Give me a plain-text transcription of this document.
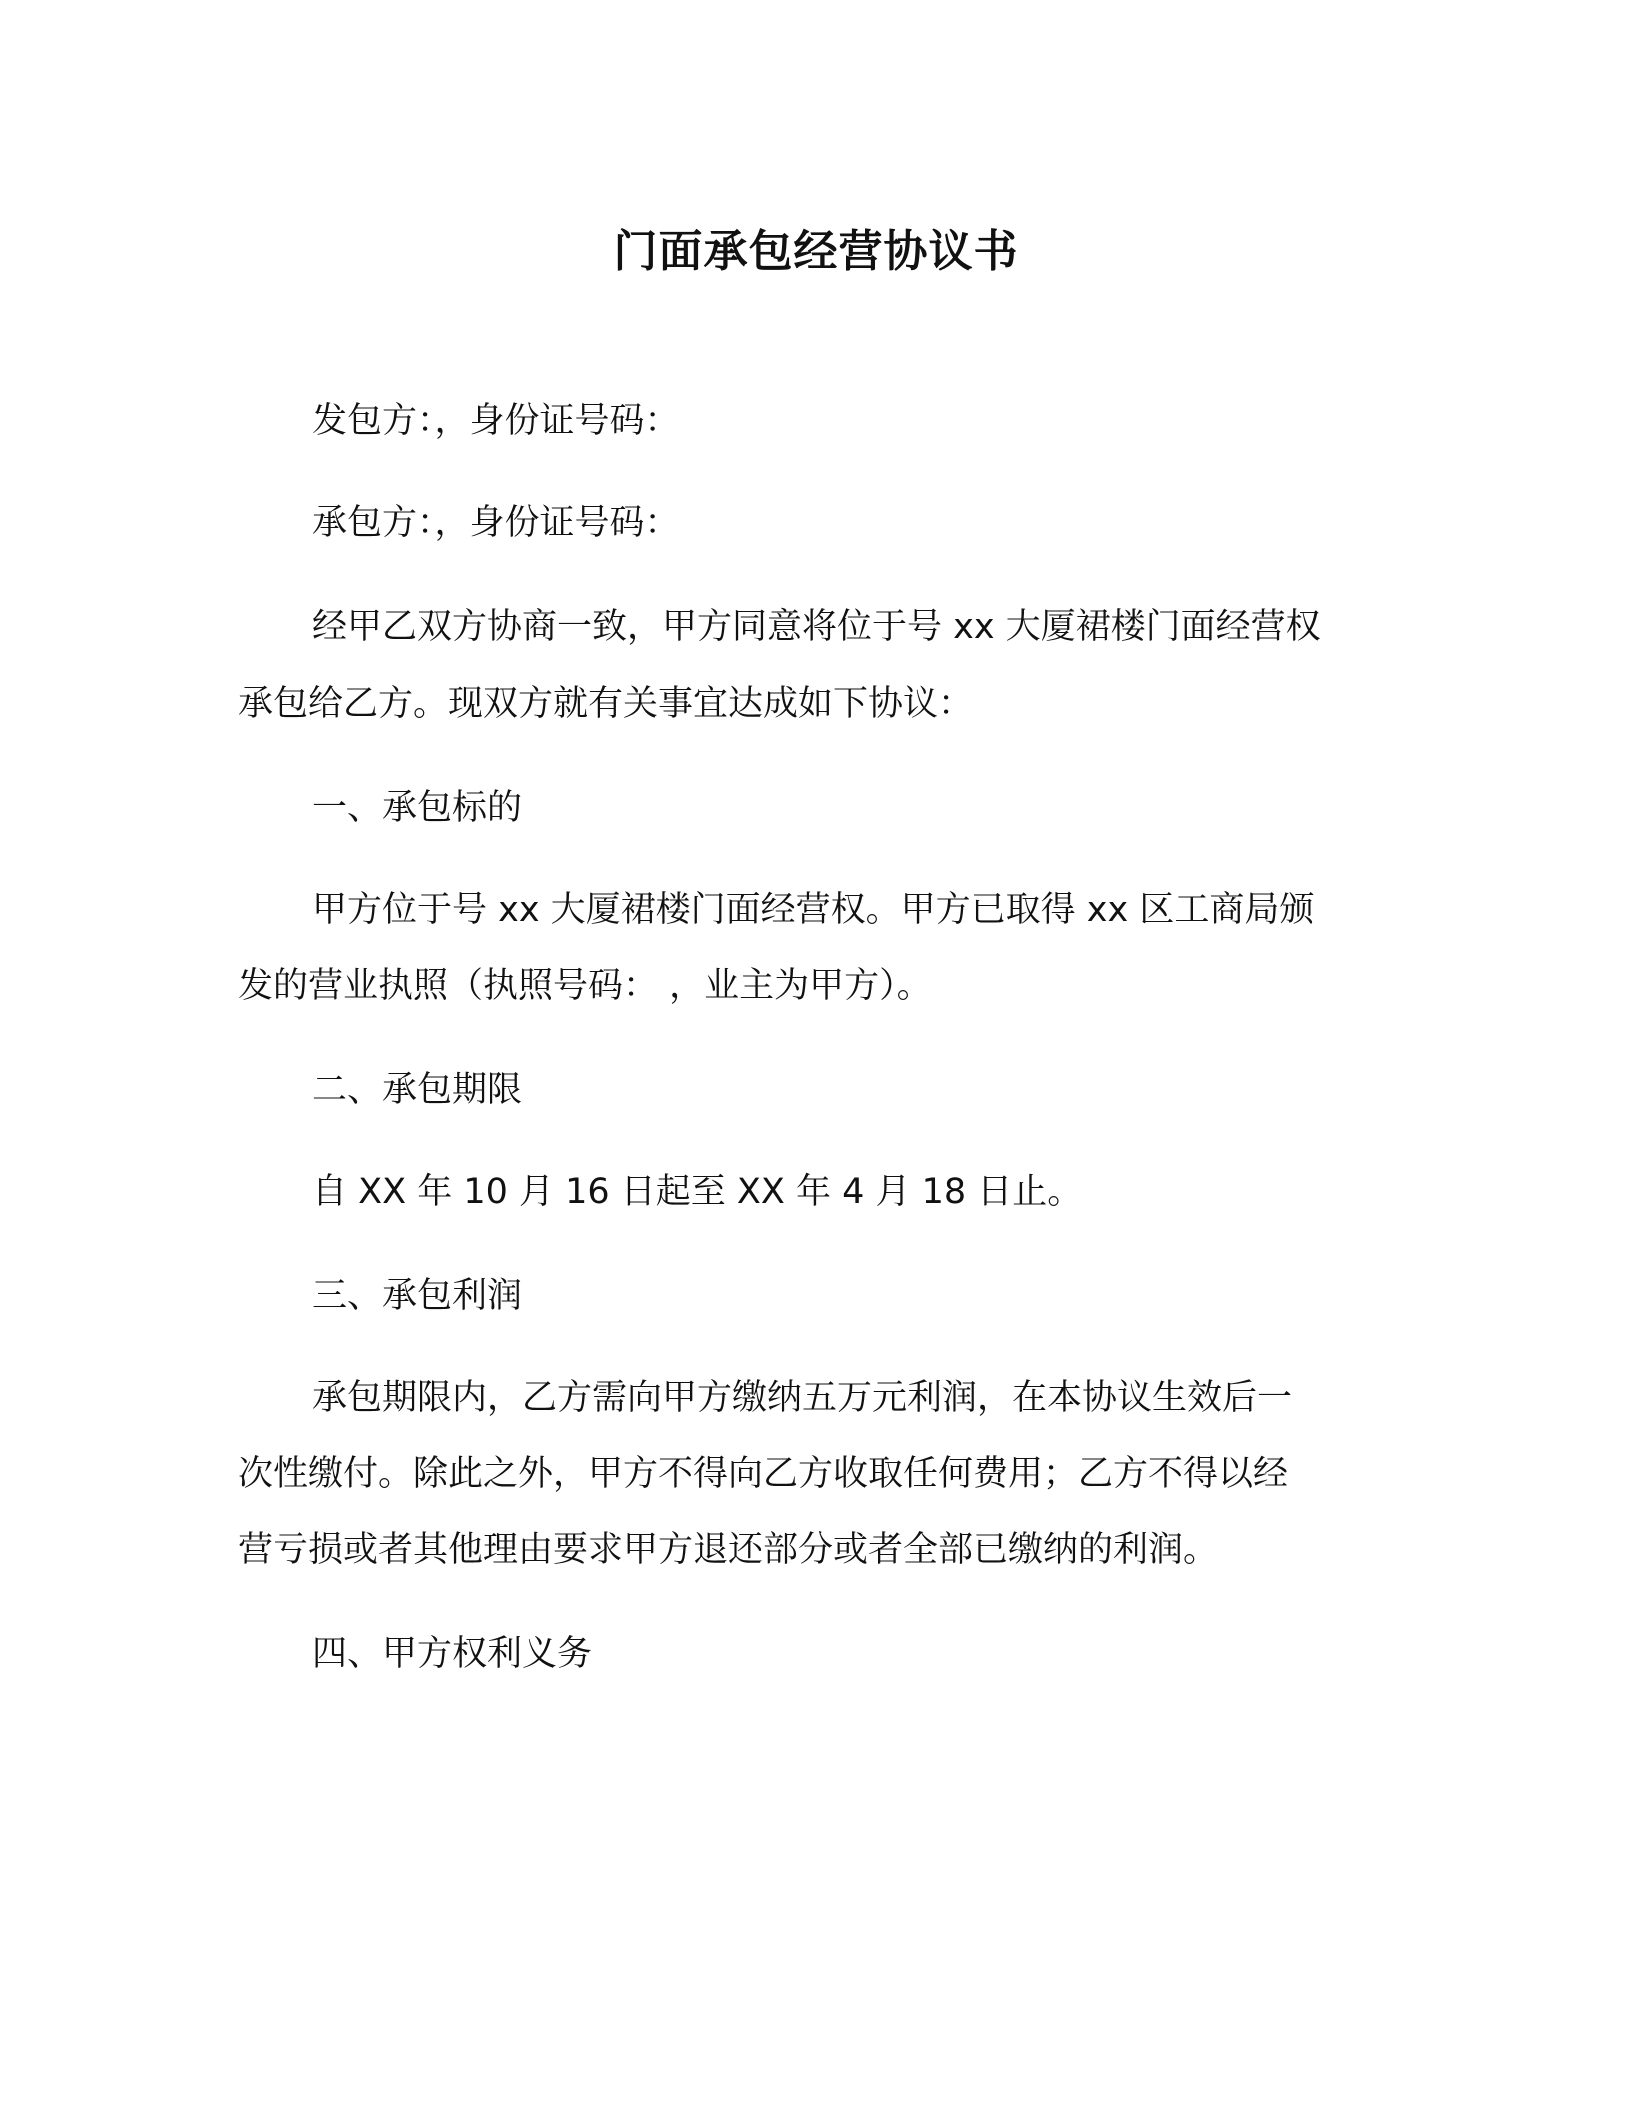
门面承包经营协议书
发包方：，身份证号码：
承包方：，身份证号码：
经甲乙双方协商一致，甲方同意将位于号 xx 大厦裙楼门面经营权
承包给乙方。现双方就有关事宜达成如下协议：
一、承包标的
甲方位于号 xx 大厦裙楼门面经营权。甲方已取得 xx 区工商局颁
发的营业执照（执照号码： ，业主为甲方）。
二、承包期限
自 XX 年 10 月 16 日起至 XX 年 4 月 18 日止。
三、承包利润
承包期限内，乙方需向甲方缴纳五万元利润，在本协议生效后一
次性缴付。除此之外，甲方不得向乙方收取任何费用；乙方不得以经
营亏损或者其他理由要求甲方退还部分或者全部已缴纳的利润。
四、甲方权利义务
